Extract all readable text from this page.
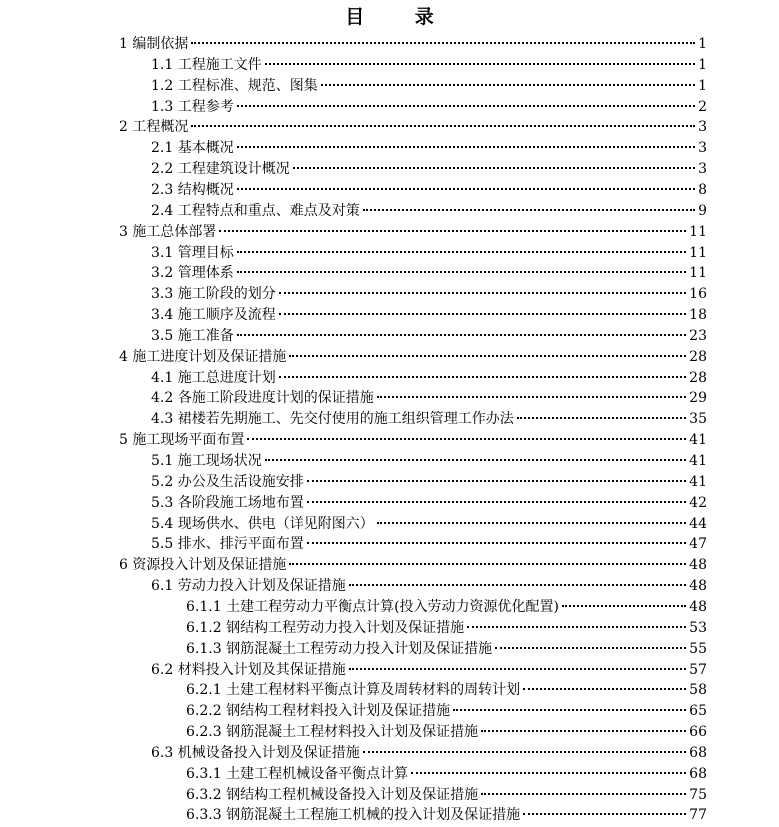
目 录
1 编制依据	1
1.1 工程施工文件	1
1.2 工程标准、规范、图集	1
1.3 工程参考	2
2 工程概况	3
2.1 基本概况	3
2.2 工程建筑设计概况	3
2.3 结构概况	8
2.4 工程特点和重点、难点及对策	9
3 施工总体部署	11
3.1 管理目标	11
3.2 管理体系	11
3.3 施工阶段的划分	16
3.4 施工顺序及流程	18
3.5 施工准备	23
4 施工进度计划及保证措施	28
4.1 施工总进度计划	28
4.2 各施工阶段进度计划的保证措施	29
4.3 裙楼若先期施工、先交付使用的施工组织管理工作办法	35
5 施工现场平面布置	41
5.1 施工现场状况	41
5.2 办公及生活设施安排	41
5.3 各阶段施工场地布置	42
5.4 现场供水、供电（详见附图六）	44
5.5 排水、排污平面布置	47
6 资源投入计划及保证措施	48
6.1 劳动力投入计划及保证措施	48
6.1.1 土建工程劳动力平衡点计算(投入劳动力资源优化配置)	48
6.1.2 钢结构工程劳动力投入计划及保证措施	53
6.1.3 钢筋混凝土工程劳动力投入计划及保证措施	55
6.2 材料投入计划及其保证措施	57
6.2.1 土建工程材料平衡点计算及周转材料的周转计划	58
6.2.2 钢结构工程材料投入计划及保证措施	65
6.2.3 钢筋混凝土工程材料投入计划及保证措施	66
6.3 机械设备投入计划及保证措施	68
6.3.1 土建工程机械设备平衡点计算	68
6.3.2 钢结构工程机械设备投入计划及保证措施	75
6.3.3 钢筋混凝土工程施工机械的投入计划及保证措施	77
